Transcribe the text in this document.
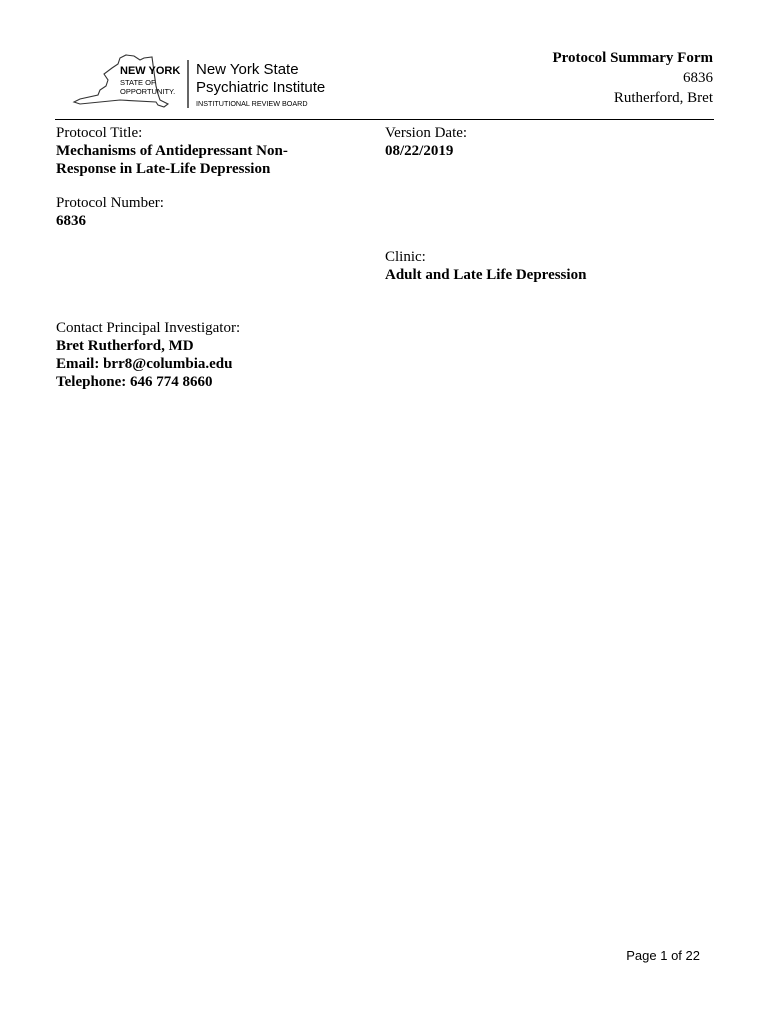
NEW YORK
STATE OF
OPPORTUNITY.
New York State
Psychiatric Institute
INSTITUTIONAL REVIEW BOARD
Protocol Summary Form
6836
Rutherford, Bret
Protocol Title:
Mechanisms of Antidepressant Non-
Response in Late-Life Depression
Version Date:
08/22/2019
Protocol Number:
6836
Clinic:
Adult and Late Life Depression
Contact Principal Investigator:
Bret Rutherford, MD
Email: brr8@columbia.edu
Telephone: 646 774 8660
Page 1 of 22
